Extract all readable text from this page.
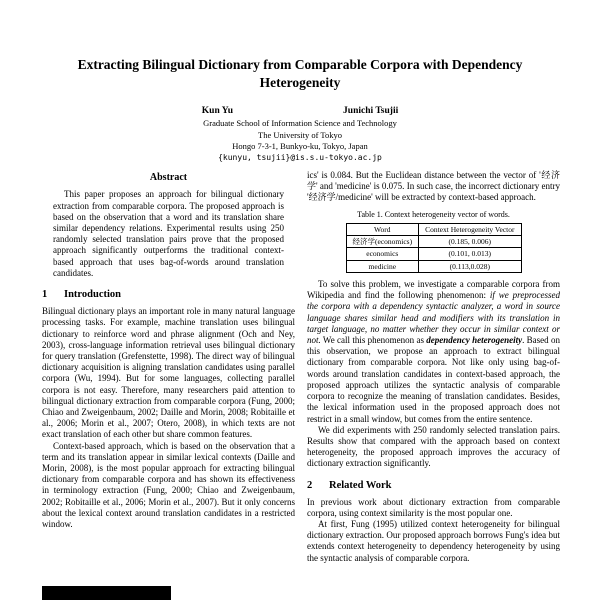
Extracting Bilingual Dictionary from Comparable Corpora with Dependency Heterogeneity
Kun Yu	Junichi Tsujii
Graduate School of Information Science and Technology
The University of Tokyo
Hongo 7-3-1, Bunkyo-ku, Tokyo, Japan
{kunyu, tsujii}@is.s.u-tokyo.ac.jp
Abstract

This paper proposes an approach for bilingual dictionary extraction from comparable corpora. The proposed approach is based on the observation that a word and its translation share similar dependency relations. Experimental results using 250 randomly selected translation pairs prove that the proposed approach significantly outperforms the traditional context-based approach that uses bag-of-words around translation candidates.

1 Introduction

Bilingual dictionary plays an important role in many natural language processing tasks. For example, machine translation uses bilingual dictionary to reinforce word and phrase alignment (Och and Ney, 2003), cross-language information retrieval uses bilingual dictionary for query translation (Grefenstette, 1998). The direct way of bilingual dictionary acquisition is aligning translation candidates using parallel corpora (Wu, 1994). But for some languages, collecting parallel corpora is not easy. Therefore, many researchers paid attention to bilingual dictionary extraction from comparable corpora (Fung, 2000; Chiao and Zweigenbaum, 2002; Daille and Morin, 2008; Robitaille et al., 2006; Morin et al., 2007; Otero, 2008), in which texts are not exact translation of each other but share common features.

Context-based approach, which is based on the observation that a term and its translation appear in similar lexical contexts (Daille and Morin, 2008), is the most popular approach for extracting bilingual dictionary from comparable corpora and has shown its effectiveness in terminology extraction (Fung, 2000; Chiao and Zweigenbaum, 2002; Robitaille et al., 2006; Morin et al., 2007). But it only concerns about the lexical context around translation candidates in a restricted window.

ics' is 0.084. But the Euclidean distance between the vector of '经济学' and 'medicine' is 0.075. In such case, the incorrect dictionary entry '经济学/medicine' will be extracted by context-based approach.

Table 1. Context heterogeneity vector of words.
Word	Context Heterogeneity Vector
经济学(economics)	(0.185, 0.006)
economics	(0.101, 0.013)
medicine	(0.113,0.028)

To solve this problem, we investigate a comparable corpora from Wikipedia and find the following phenomenon: if we preprocessed the corpora with a dependency syntactic analyzer, a word in source language shares similar head and modifiers with its translation in target language, no matter whether they occur in similar context or not. We call this phenomenon as dependency heterogeneity. Based on this observation, we propose an approach to extract bilingual dictionary from comparable corpora. Not like only using bag-of-words around translation candidates in context-based approach, the proposed approach utilizes the syntactic analysis of comparable corpora to recognize the meaning of translation candidates. Besides, the lexical information used in the proposed approach does not restrict in a small window, but comes from the entire sentence.

We did experiments with 250 randomly selected translation pairs. Results show that compared with the approach based on context heterogeneity, the proposed approach improves the accuracy of dictionary extraction significantly.

2 Related Work

In previous work about dictionary extraction from comparable corpora, using context similarity is the most popular one.

At first, Fung (1995) utilized context heterogeneity for bilingual dictionary extraction. Our proposed approach borrows Fung's idea but extends context heterogeneity to dependency heterogeneity by using the syntactic analysis of comparable corpora.
